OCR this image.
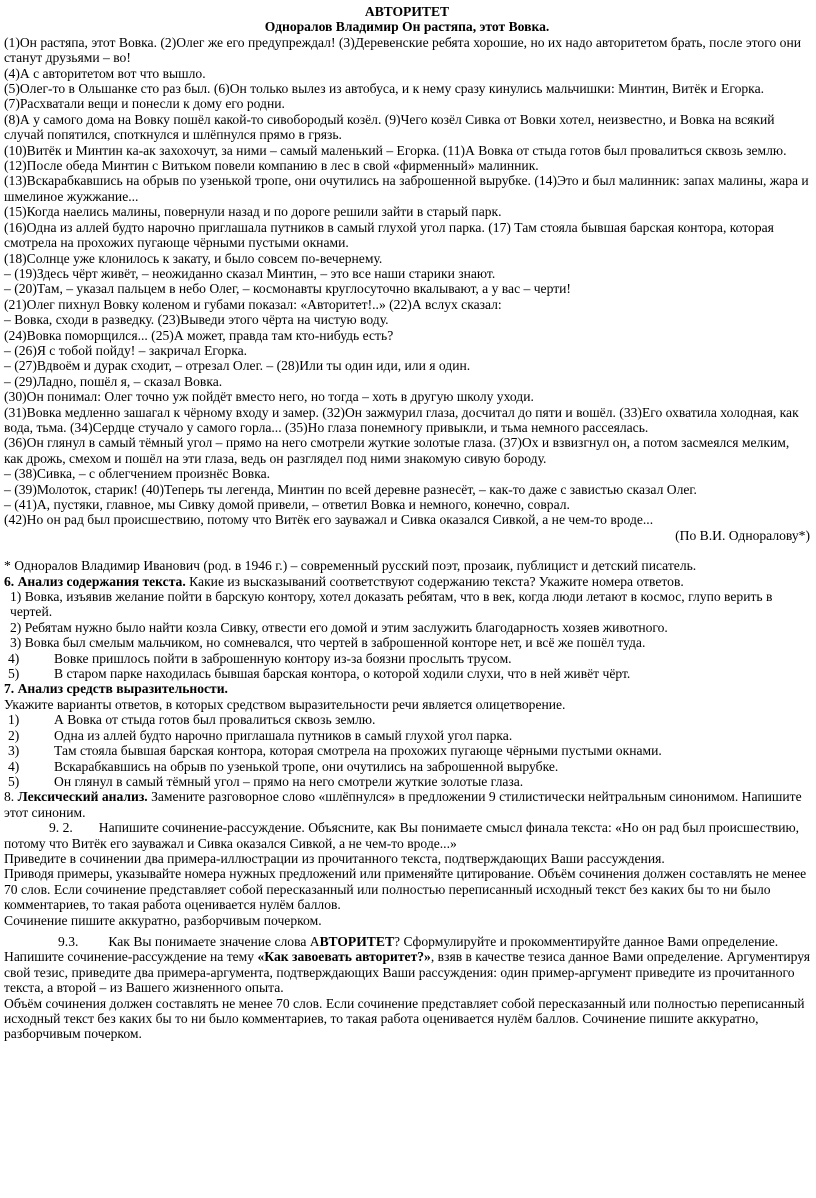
АВТОРИТЕТ
Однорaлов Владимир Он растяпа, этот Вовка.
(1)Он растяпа, этот Вовка. (2)Олег же его предупреждал! (3)Деревенские ребята хорошие, но их надо авторитетом брать, после этого они станут друзьями – во!
(4)А с авторитетом вот что вышло.
(5)Олег-то в Ольшанке сто раз был. (6)Он только вылез из автобуса, и к нему сразу кинулись мальчишки: Минтин, Витёк и Егорка. (7)Расхватали вещи и понесли к дому его родни.
(8)А у самого дома на Вовку пошёл какой-то сивобородый козёл. (9)Чего козёл Сивка от Вовки хотел, неизвестно, и Вовка на всякий случай попятился, споткнулся и шлёпнулся прямо в грязь.
(10)Витёк и Минтин ка-ак захохочут, за ними – самый маленький – Егорка. (11)А Вовка от стыда готов был провалиться сквозь землю.
(12)После обеда Минтин с Витьком повели компанию в лес в свой «фирменный» малинник.
(13)Вскарабкавшись на обрыв по узенькой тропе, они очутились на заброшенной вырубке. (14)Это и был малинник: запах малины, жара и шмелиное жужжание...
(15)Когда наелись малины, повернули назад и по дороге решили зайти в старый парк.
(16)Одна из аллей будто нарочно приглашала путников в самый глухой угол парка. (17) Там стояла бывшая барская контора, которая смотрела на прохожих пугающе чёрными пустыми окнами.
(18)Солнце уже клонилось к закату, и было совсем по-вечернему.
– (19)Здесь чёрт живёт, – неожиданно сказал Минтин, – это все наши старики знают.
– (20)Там, – указал пальцем в небо Олег, – космонавты круглосуточно вкалывают, а у вас – черти!
(21)Олег пихнул Вовку коленом и губами показал: «Авторитет!..» (22)А вслух сказал:
– Вовка, сходи в разведку. (23)Выведи этого чёрта на чистую воду.
(24)Вовка поморщился... (25)А может, правда там кто-нибудь есть?
– (26)Я с тобой пойду! – закричал Егорка.
– (27)Вдвоём и дурак сходит, – отрезал Олег. – (28)Или ты один иди, или я один.
– (29)Ладно, пошёл я, – сказал Вовка.
(30)Он понимал: Олег точно уж пойдёт вместо него, но тогда – хоть в другую школу уходи.
(31)Вовка медленно зашагал к чёрному входу и замер. (32)Он зажмурил глаза, досчитал до пяти и вошёл. (33)Его охватила холодная, как вода, тьма. (34)Сердце стучало у самого горла... (35)Но глаза понемногу привыкли, и тьма немного рассеялась.
(36)Он глянул в самый тёмный угол – прямо на него смотрели жуткие золотые глаза. (37)Ох и взвизгнул он, а потом засмеялся мелким, как дрожь, смехом и пошёл на эти глаза, ведь он разглядел под ними знакомую сивую бороду.
– (38)Сивка, – с облегчением произнёс Вовка.
– (39)Молоток, старик! (40)Теперь ты легенда, Минтин по всей деревне разнесёт, – как-то даже с завистью сказал Олег.
– (41)А, пустяки, главное, мы Сивку домой привели, – ответил Вовка и немного, конечно, соврал.
(42)Но он рад был происшествию, потому что Витёк его зауважал и Сивка оказался Сивкой, а не чем-то вроде...
(По В.И. Одноралову*)
* Одноралов Владимир Иванович (род. в 1946 г.) – современный русский поэт, прозаик, публицист и детский писатель.
6. Анализ содержания текста. Какие из высказываний соответствуют содержанию текста? Укажите номера ответов.
1) Вовка, изъявив желание пойти в барскую контору, хотел доказать ребятам, что в век, когда люди летают в космос, глупо верить в чертей.
2) Ребятам нужно было найти козла Сивку, отвести его домой и этим заслужить благодарность хозяев животного.
3) Вовка был смелым мальчиком, но сомневался, что чертей в заброшенной конторе нет, и всё же пошёл туда.
4)	Вовке пришлось пойти в заброшенную контору из-за боязни прослыть трусом.
5)	В старом парке находилась бывшая барская контора, о которой ходили слухи, что в ней живёт чёрт.
7. Анализ средств выразительности.
Укажите варианты ответов, в которых средством выразительности речи является олицетворение.
1)	А Вовка от стыда готов был провалиться сквозь землю.
2)	Одна из аллей будто нарочно приглашала путников в самый глухой угол парка.
3)	Там стояла бывшая барская контора, которая смотрела на прохожих пугающе чёрными пустыми окнами.
4)	Вскарабкавшись на обрыв по узенькой тропе, они очутились на заброшенной вырубке.
5)	Он глянул в самый тёмный угол – прямо на него смотрели жуткие золотые глаза.
8. Лексический анализ. Замените разговорное слово «шлёпнулся» в предложении 9 стилистически нейтральным синонимом. Напишите этот синоним.
9. 2. Напишите сочинение-рассуждение. Объясните, как Вы понимаете смысл финала текста: «Но он рад был происшествию, потому что Витёк его зауважал и Сивка оказался Сивкой, а не чем-то вроде...»
Приведите в сочинении два примера-иллюстрации из прочитанного текста, подтверждающих Ваши рассуждения.
Приводя примеры, указывайте номера нужных предложений или применяйте цитирование. Объём сочинения должен составлять не менее 70 слов. Если сочинение представляет собой пересказанный или полностью переписанный исходный текст без каких бы то ни было комментариев, то такая работа оценивается нулём баллов.
Сочинение пишите аккуратно, разборчивым почерком.
9.3. Как Вы понимаете значение слова АВТОРИТЕТ? Сформулируйте и прокомментируйте данное Вами определение. Напишите сочинение-рассуждение на тему «Как завоевать авторитет?», взяв в качестве тезиса данное Вами определение. Аргументируя свой тезис, приведите два примера-аргумента, подтверждающих Ваши рассуждения: один пример-аргумент приведите из прочитанного текста, а второй – из Вашего жизненного опыта.
Объём сочинения должен составлять не менее 70 слов. Если сочинение представляет собой пересказанный или полностью переписанный исходный текст без каких бы то ни было комментариев, то такая работа оценивается нулём баллов. Сочинение пишите аккуратно, разборчивым почерком.
